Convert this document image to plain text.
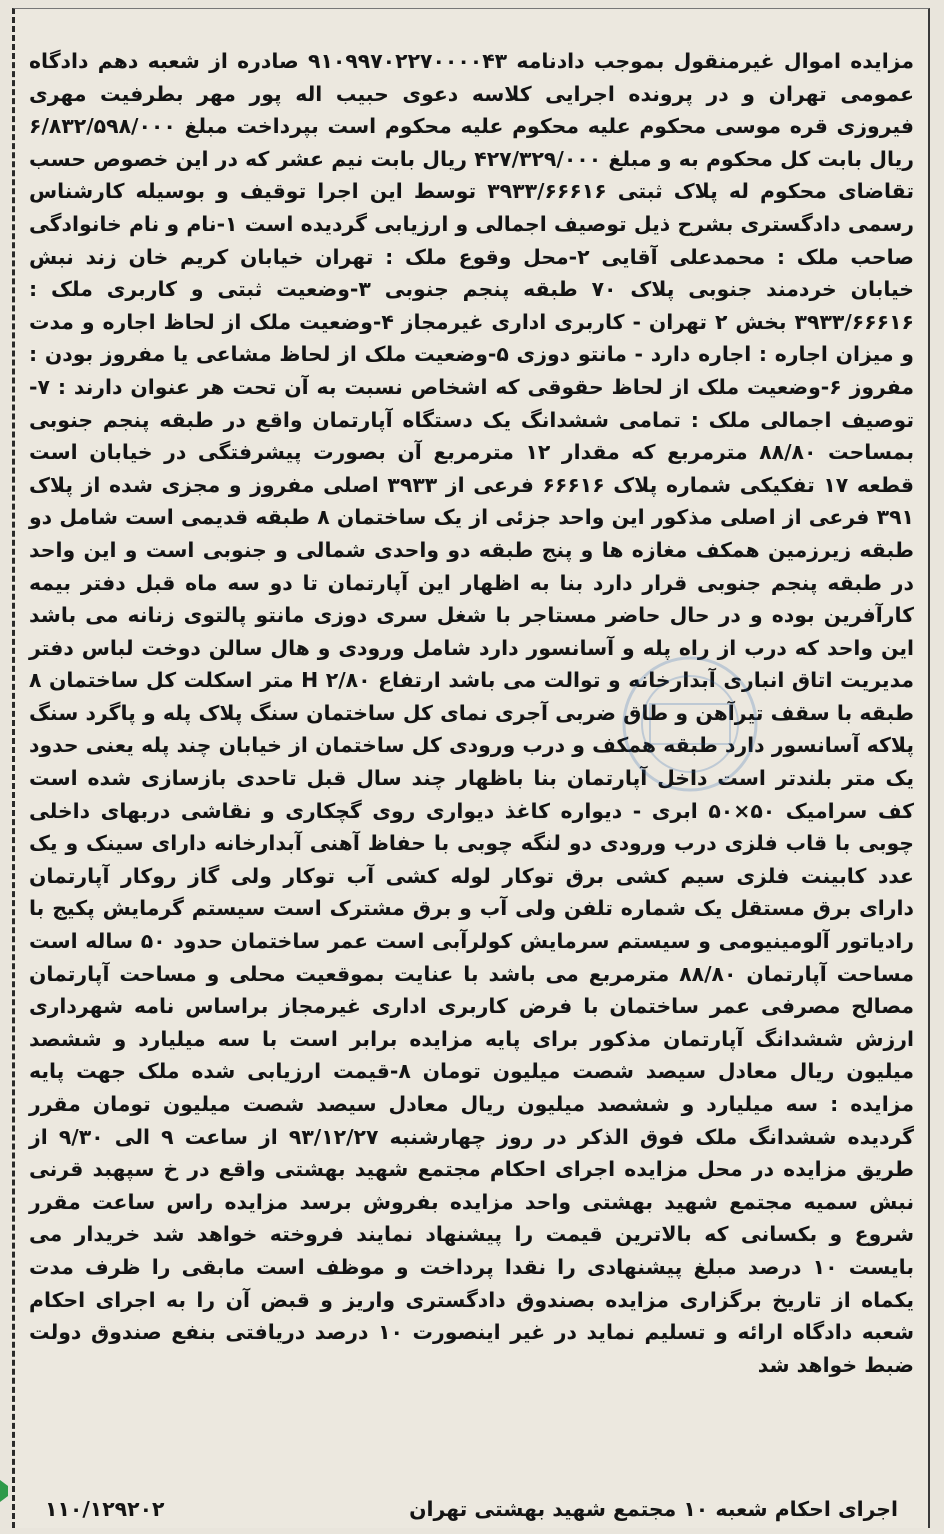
مزایده اموال غیرمنقول بموجب دادنامه ۹۱۰۹۹۷۰۲۲۷۰۰۰۰۴۳ صادره از شعبه دهم دادگاه عمومی تهران و در پرونده اجرایی کلاسه دعوی حبیب اله پور مهر بطرفیت مهری فیروزی قره موسی محکوم علیه محکوم علیه محکوم است بپرداخت مبلغ ۶/۸۳۲/۵۹۸/۰۰۰ ریال بابت کل محکوم به و مبلغ ۴۲۷/۳۲۹/۰۰۰ ریال بابت نیم عشر که در این خصوص حسب تقاضای محکوم له پلاک ثبتی ۳۹۳۳/۶۶۶۱۶ توسط این اجرا توقیف و بوسیله کارشناس رسمی دادگستری بشرح ذیل توصیف اجمالی و ارزیابی گردیده است ۱-نام و نام خانوادگی صاحب ملک : محمدعلی آقایی ۲-محل وقوع ملک : تهران خیابان کریم خان زند نبش خیابان خردمند جنوبی پلاک ۷۰ طبقه پنجم جنوبی ۳-وضعیت ثبتی و کاربری ملک : ۳۹۳۳/۶۶۶۱۶ بخش ۲ تهران - کاربری اداری غیرمجاز ۴-وضعیت ملک از لحاظ اجاره و مدت و میزان اجاره : اجاره دارد - مانتو دوزی ۵-وضعیت ملک از لحاظ مشاعی یا مفروز بودن : مفروز ۶-وضعیت ملک از لحاظ حقوقی که اشخاص نسبت به آن تحت هر عنوان دارند : ۷-توصیف اجمالی ملک : تمامی ششدانگ یک دستگاه آپارتمان واقع در طبقه پنجم جنوبی بمساحت ۸۸/۸۰ مترمربع که مقدار ۱۲ مترمربع آن بصورت پیشرفتگی در خیابان است قطعه ۱۷ تفکیکی شماره پلاک ۶۶۶۱۶ فرعی از ۳۹۳۳ اصلی مفروز و مجزی شده از پلاک ۳۹۱ فرعی از اصلی مذکور این واحد جزئی از یک ساختمان ۸ طبقه قدیمی است شامل دو طبقه زیرزمین همکف مغازه ها و پنج طبقه دو واحدی شمالی و جنوبی است و این واحد در طبقه پنجم جنوبی قرار دارد بنا به اظهار این آپارتمان تا دو سه ماه قبل دفتر بیمه کارآفرین بوده و در حال حاضر مستاجر با شغل سری دوزی مانتو پالتوی زنانه می باشد این واحد که درب از راه پله و آسانسور دارد شامل ورودی و هال سالن دوخت لباس دفتر مدیریت اتاق انباری آبدارخانه و توالت می باشد ارتفاع ۲/۸۰ H متر اسکلت کل ساختمان ۸ طبقه با سقف تیرآهن و طاق ضربی آجری نمای کل ساختمان سنگ پلاک پله و پاگرد سنگ پلاکه آسانسور دارد طبقه همکف و درب ورودی کل ساختمان از خیابان چند پله یعنی حدود یک متر بلندتر است داخل آپارتمان بنا باظهار چند سال قبل تاحدی بازسازی شده است کف سرامیک ۵۰×۵۰ ابری - دیواره کاغذ دیواری روی گچکاری و نقاشی دربهای داخلی چوبی با قاب فلزی درب ورودی دو لنگه چوبی با حفاظ آهنی آبدارخانه دارای سینک و یک عدد کابینت فلزی سیم کشی برق توکار لوله کشی آب توکار ولی گاز روکار آپارتمان دارای برق مستقل یک شماره تلفن ولی آب و برق مشترک است سیستم گرمایش پکیج با رادیاتور آلومینیومی و سیستم سرمایش کولرآبی است عمر ساختمان حدود ۵۰ ساله است مساحت آپارتمان ۸۸/۸۰ مترمربع می باشد با عنایت بموقعیت محلی و مساحت آپارتمان مصالح مصرفی عمر ساختمان با فرض کاربری اداری غیرمجاز براساس نامه شهرداری ارزش ششدانگ آپارتمان مذکور برای پایه مزایده برابر است با سه میلیارد و ششصد میلیون ریال معادل سیصد شصت میلیون تومان ۸-قیمت ارزیابی شده ملک جهت پایه مزایده : سه میلیارد و ششصد میلیون ریال معادل سیصد شصت میلیون تومان مقرر گردیده ششدانگ ملک فوق الذکر در روز چهارشنبه ۹۳/۱۲/۲۷ از ساعت ۹ الی ۹/۳۰ از طریق مزایده در محل مزایده اجرای احکام مجتمع شهید بهشتی واقع در خ سپهبد قرنی نبش سمیه مجتمع شهید بهشتی واحد مزایده بفروش برسد مزایده راس ساعت مقرر شروع و بکسانی که بالاترین قیمت را پیشنهاد نمایند فروخته خواهد شد خریدار می بایست ۱۰ درصد مبلغ پیشنهادی را نقدا پرداخت و موظف است مابقی را ظرف مدت یکماه از تاریخ برگزاری مزایده بصندوق دادگستری واریز و قبض آن را به اجرای احکام شعبه دادگاه ارائه و تسلیم نماید در غیر اینصورت ۱۰ درصد دریافتی بنفع صندوق دولت ضبط خواهد شد

اجرای احکام شعبه ۱۰ مجتمع شهید بهشتی تهران
۱۱۰/۱۲۹۲۰۲
